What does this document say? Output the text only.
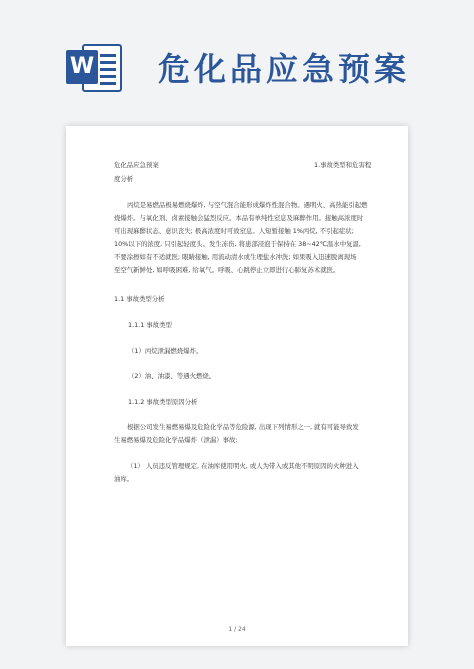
W 危化品应急预案
危化品应急预案	1.事故类型和危害程
度分析
丙烷是易燃品极易燃烧爆炸, 与空气混合能形成爆炸性混合物。遇明火、高热能引起燃
烧爆炸。与氧化剂、卤素接触会猛烈反应。本品有单纯性窒息及麻醉作用。接触高浓度时
可出现麻醉状态、意识丧失; 极高浓度时可致窒息。人短暂接触 1%丙烷, 不引起症状;
10%以下的浓度, 只引起轻度头。发生冻伤, 将患部浸泡于保持在 38~42℃温水中复温,
不要涂擦如有不适就医; 眼睛接触, 用流动清水或生理盐水冲洗; 如果吸入迅速脱离现场
至空气新鲜处, 如呼吸困难, 给氧气。呼吸、心跳停止立即进行心肺复苏术就医。
1.1 事故类型分析
1.1.1 事故类型
（1）丙烷泄漏燃烧爆炸。
（2）油、油漆、等遇火燃烧。
1.1.2 事故类型原因分析
根据公司发生易燃易爆及危险化学品等危险源, 出现下列情形之一, 就有可能导致发
生易燃易爆及危险化学品爆炸（泄漏）事故:
（1） 人员违反管理规定, 在油库使用明火, 或人为带入或其他不明原因的火种进入
油库。
1 / 24
